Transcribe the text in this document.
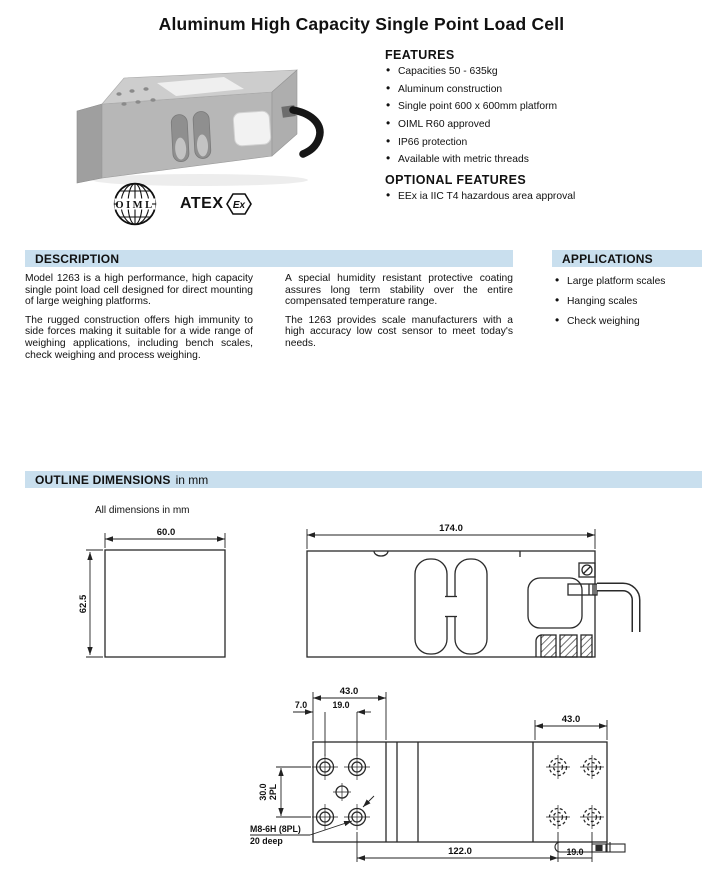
Aluminum High Capacity Single Point Load Cell
OIML ATEX Ex
FEATURES
• Capacities 50 - 635kg
• Aluminum construction
• Single point 600 x 600mm platform
• OIML R60 approved
• IP66 protection
• Available with metric threads
OPTIONAL FEATURES
• EEx ia IIC T4 hazardous area approval
DESCRIPTION	APPLICATIONS

Model 1263 is a high performance, high capacity single point load cell designed for direct mounting of large weighing platforms.

The rugged construction offers high immunity to side forces making it suitable for a wide range of weighing applications, including bench scales, check weighing and process weighing.

A special humidity resistant protective coating assures long term stability over the entire compensated temperature range.

The 1263 provides scale manufacturers with a high accuracy low cost sensor to meet today's needs.

• Large platform scales
• Hanging scales
• Check weighing
OUTLINE DIMENSIONS in mm
All dimensions in mm
60.0
62.5
174.0
43.0
7.0	19.0
30.0 2PL
43.0
122.0	19.0
M8-6H (8PL)
20 deep
